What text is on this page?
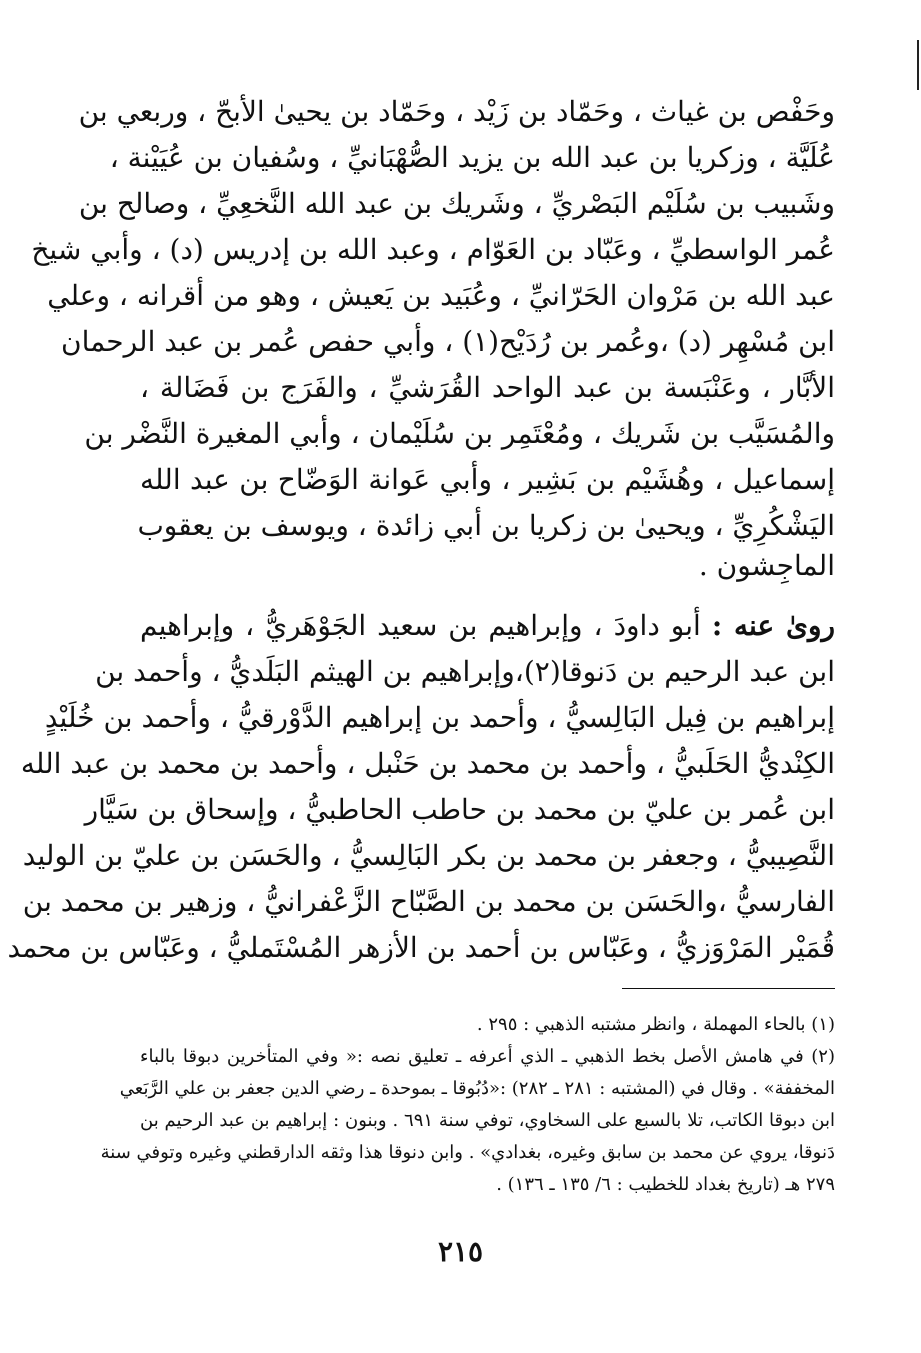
وحَفْص بن غياث ، وحَمّاد بن زَيْد ، وحَمّاد بن يحيىٰ الأبحّ ، وربعي بن
عُلَيَّة ، وزكريا بن عبد الله بن يزيد الصُّهْبَانيِّ ، وسُفيان بن عُيَيْنة ،
وشَبيب بن سُلَيْم البَصْريِّ ، وشَريك بن عبد الله النَّخعِيِّ ، وصالح بن
عُمر الواسطيِّ ، وعَبّاد بن العَوّام ، وعبد الله بن إدريس (د) ، وأبي شيخ
عبد الله بن مَرْوان الحَرّانيِّ ، وعُبَيد بن يَعيش ، وهو من أقرانه ، وعلي
ابن مُسْهِر (د) ،وعُمر بن رُدَيْح(١) ، وأبي حفص عُمر بن عبد الرحمان
الأبَّار ، وعَنْبَسة بن عبد الواحد القُرَشيِّ ، والفَرَج بن فَضَالة ،
والمُسَيَّب بن شَريك ، ومُعْتَمِر بن سُلَيْمان ، وأبي المغيرة النَّضْر بن
إسماعيل ، وهُشَيْم بن بَشِير ، وأبي عَوانة الوَضّاح بن عبد الله
اليَشْكُرِيِّ ، ويحيىٰ بن زكريا بن أبي زائدة ، ويوسف بن يعقوب
الماجِشون .
روىٰ عنه : أبو داودَ ، وإبراهيم بن سعيد الجَوْهَريُّ ، وإبراهيم
ابن عبد الرحيم بن دَنوقا(٢)،وإبراهيم بن الهيثم البَلَديُّ ، وأحمد بن
إبراهيم بن فِيل البَالِسيُّ ، وأحمد بن إبراهيم الدَّوْرقيُّ ، وأحمد بن خُلَيْدٍ
الكِنْديُّ الحَلَبيُّ ، وأحمد بن محمد بن حَنْبل ، وأحمد بن محمد بن عبد الله
ابن عُمر بن عليّ بن محمد بن حاطب الحاطبيُّ ، وإسحاق بن سَيَّار
النَّصِيبيُّ ، وجعفر بن محمد بن بكر البَالِسيُّ ، والحَسَن بن عليّ بن الوليد
الفارسيُّ ،والحَسَن بن محمد بن الصَّبّاح الزَّعْفرانيُّ ، وزهير بن محمد بن
قُمَيْر المَرْوَزيُّ ، وعَبّاس بن أحمد بن الأزهر المُسْتَمليُّ ، وعَبّاس بن محمد
(١) بالحاء المهملة ، وانظر مشتبه الذهبي : ٢٩٥ .
(٢) في هامش الأصل بخط الذهبي ـ الذي أعرفه ـ تعليق نصه :« وفي المتأخرين دبوقا بالباء
المخففة» . وقال في (المشتبه : ٢٨١ ـ ٢٨٢) :«دُبُوقا ـ بموحدة ـ رضي الدين جعفر بن علي الرَّبَعي
ابن دبوقا الكاتب، تلا بالسبع على السخاوي، توفي سنة ٦٩١ . وبنون : إبراهيم بن عبد الرحيم بن
دَنوقا، يروي عن محمد بن سابق وغيره، بغدادي» . وابن دنوقا هذا وثقه الدارقطني وغيره وتوفي سنة
٢٧٩ هـ (تاريخ بغداد للخطيب : ٦/ ١٣٥ ـ ١٣٦) .
٢١٥
